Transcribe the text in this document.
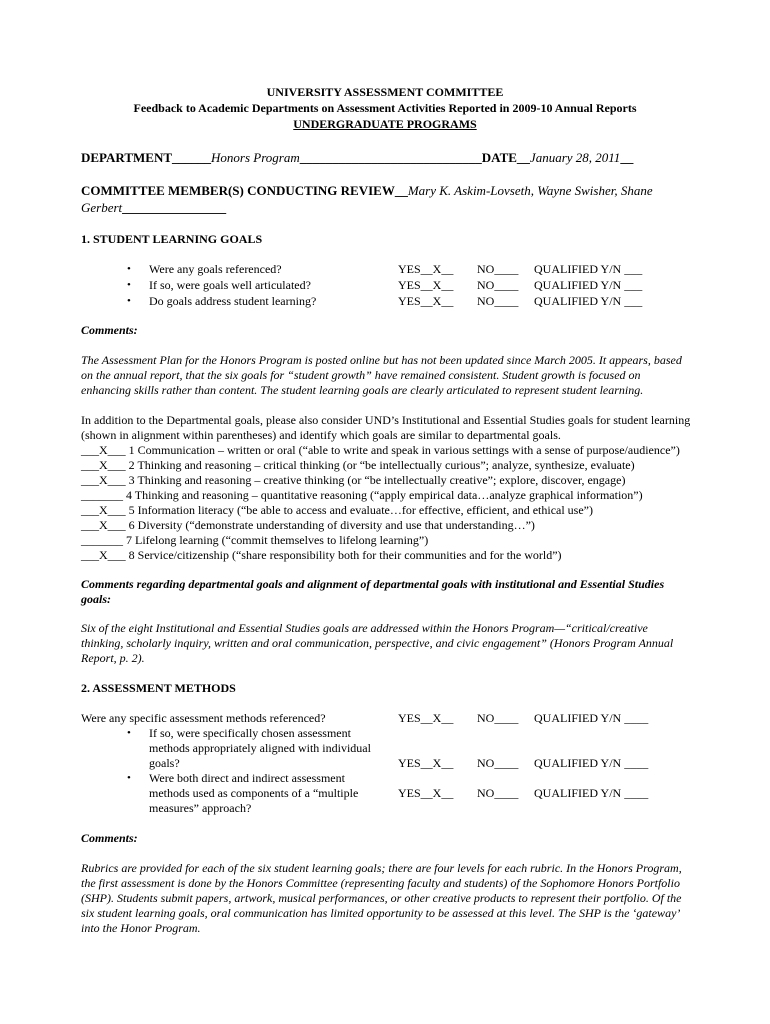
UNIVERSITY ASSESSMENT COMMITTEE
Feedback to Academic Departments on Assessment Activities Reported in 2009-10 Annual Reports
UNDERGRADUATE PROGRAMS
DEPARTMENT______Honors Program____________________________DATE__January 28, 2011__
COMMITTEE MEMBER(S) CONDUCTING REVIEW__Mary K. Askim-Lovseth, Wayne Swisher, Shane
Gerbert________________
1. STUDENT LEARNING GOALS
• Were any goals referenced?	YES__X__ NO____ QUALIFIED Y/N ___
• If so, were goals well articulated?	YES__X__ NO____ QUALIFIED Y/N ___
• Do goals address student learning?	YES__X__ NO____ QUALIFIED Y/N ___
Comments:
The Assessment Plan for the Honors Program is posted online but has not been updated since March 2005. It appears, based
on the annual report, that the six goals for “student growth” have remained consistent. Student growth is focused on
enhancing skills rather than content. The student learning goals are clearly articulated to represent student learning.
In addition to the Departmental goals, please also consider UND’s Institutional and Essential Studies goals for student learning
(shown in alignment within parentheses) and identify which goals are similar to departmental goals.
___X___ 1 Communication – written or oral (“able to write and speak in various settings with a sense of purpose/audience”)
___X___ 2 Thinking and reasoning – critical thinking (or “be intellectually curious”; analyze, synthesize, evaluate)
___X___ 3 Thinking and reasoning – creative thinking (or “be intellectually creative”; explore, discover, engage)
_______ 4 Thinking and reasoning – quantitative reasoning (“apply empirical data…analyze graphical information”)
___X___ 5 Information literacy (“be able to access and evaluate…for effective, efficient, and ethical use”)
___X___ 6 Diversity (“demonstrate understanding of diversity and use that understanding…”)
_______ 7 Lifelong learning (“commit themselves to lifelong learning”)
___X___ 8 Service/citizenship (“share responsibility both for their communities and for the world”)
Comments regarding departmental goals and alignment of departmental goals with institutional and Essential Studies
goals:
Six of the eight Institutional and Essential Studies goals are addressed within the Honors Program—“critical/creative
thinking, scholarly inquiry, written and oral communication, perspective, and civic engagement” (Honors Program Annual
Report, p. 2).
2. ASSESSMENT METHODS
Were any specific assessment methods referenced?	YES__X__ NO____ QUALIFIED Y/N ____
• If so, were specifically chosen assessment
methods appropriately aligned with individual
goals?	YES__X__ NO____ QUALIFIED Y/N ____
• Were both direct and indirect assessment
methods used as components of a “multiple	YES__X__ NO____ QUALIFIED Y/N ____
measures” approach?
Comments:
Rubrics are provided for each of the six student learning goals; there are four levels for each rubric. In the Honors Program,
the first assessment is done by the Honors Committee (representing faculty and students) of the Sophomore Honors Portfolio
(SHP). Students submit papers, artwork, musical performances, or other creative products to represent their portfolio. Of the
six student learning goals, oral communication has limited opportunity to be assessed at this level. The SHP is the ‘gateway’
into the Honor Program.
